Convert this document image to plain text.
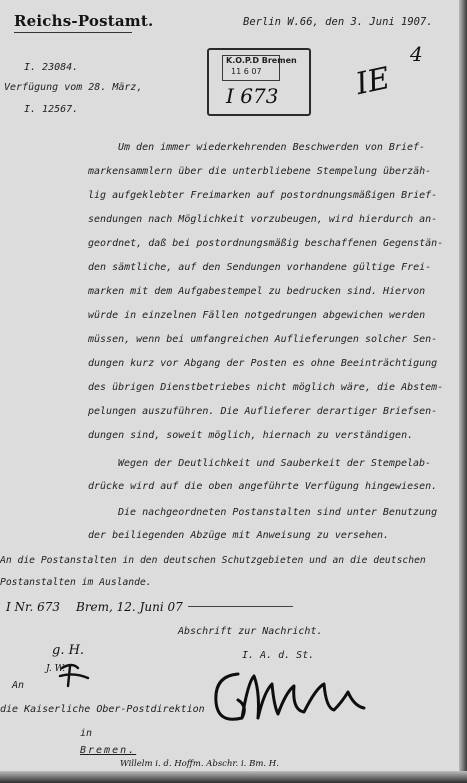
Reichs-Postamt.	Berlin W.66, den 3. Juni 1907.
I. 23084.
Verfügung vom 28. März,
I. 12567.
K.O.P.D Bremen
11 6 07
I 673 IE
4
Um den immer wiederkehrenden Beschwerden von Brief-
markensammlern über die unterbliebene Stempelung überzäh-
lig aufgeklebter Freimarken auf postordnungsmäßigen Brief-
sendungen nach Möglichkeit vorzubeugen, wird hierdurch an-
geordnet, daß bei postordnungsmäßig beschaffenen Gegenstän-
den sämtliche, auf den Sendungen vorhandene gültige Frei-
marken mit dem Aufgabestempel zu bedrucken sind. Hiervon
würde in einzelnen Fällen notgedrungen abgewichen werden
müssen, wenn bei umfangreichen Auflieferungen solcher Sen-
dungen kurz vor Abgang der Posten es ohne Beeinträchtigung
des übrigen Dienstbetriebes nicht möglich wäre, die Abstem-
pelungen auszuführen. Die Auflieferer derartiger Briefsen-
dungen sind, soweit möglich, hiernach zu verständigen.
Wegen der Deutlichkeit und Sauberkeit der Stempelab-
drücke wird auf die oben angeführte Verfügung hingewiesen.
Die nachgeordneten Postanstalten sind unter Benutzung
der beiliegenden Abzüge mit Anweisung zu versehen.
An die Postanstalten in den deutschen Schutzgebieten und an die deutschen
Postanstalten im Auslande.
I Nr. 673 Brem, 12. Juni 07
Abschrift zur Nachricht.
I. A. d. St.
g. H.
J. W.
An
die Kaiserliche Ober-Postdirektion
in
Bremen.
Willelm i. d. Hoffm. Abschr. i. Bm. H.
